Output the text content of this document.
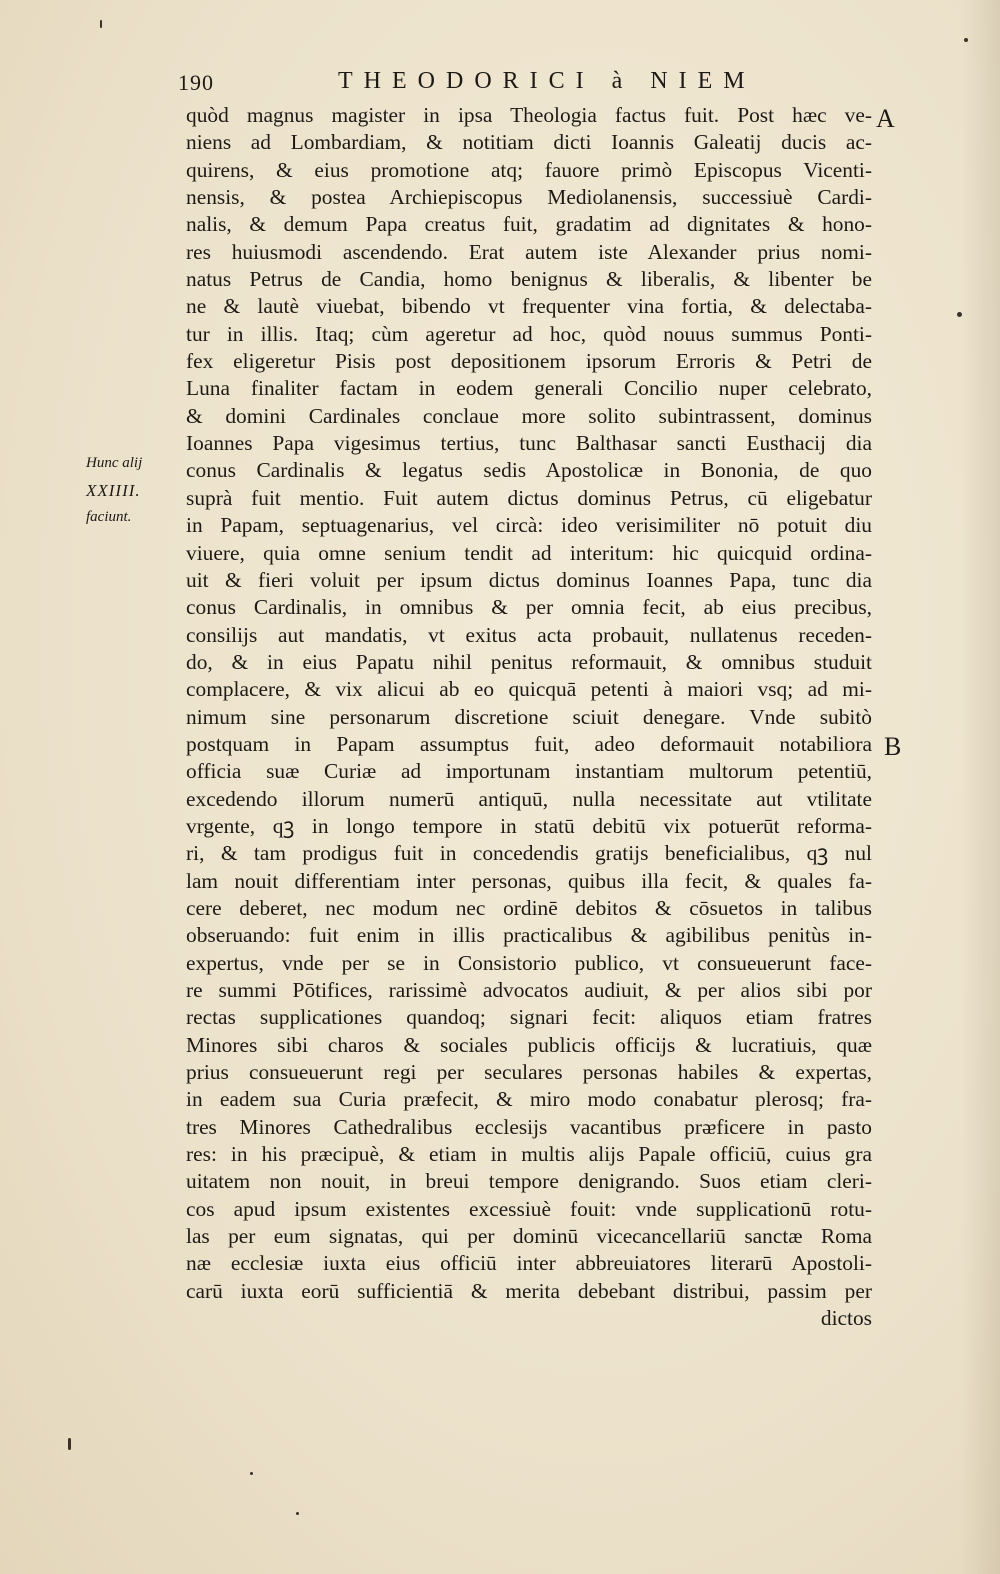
190	THEODORICI à NIEM
A
B
Hunc alij
XXIIII.
faciunt.
quòd magnus magister in ipsa Theologia factus fuit. Post hæc ve-
niens ad Lombardiam, & notitiam dicti Ioannis Galeatij ducis ac-
quirens, & eius promotione atq; fauore primò Episcopus Vicenti-
nensis, & postea Archiepiscopus Mediolanensis, successiuè Cardi-
nalis, & demum Papa creatus fuit, gradatim ad dignitates & hono-
res huiusmodi ascendendo. Erat autem iste Alexander prius nomi-
natus Petrus de Candia, homo benignus & liberalis, & libenter be
ne & lautè viuebat, bibendo vt frequenter vina fortia, & delectaba-
tur in illis. Itaq; cùm ageretur ad hoc, quòd nouus summus Ponti-
fex eligeretur Pisis post depositionem ipsorum Erroris & Petri de
Luna finaliter factam in eodem generali Concilio nuper celebrato,
& domini Cardinales conclaue more solito subintrassent, dominus
Ioannes Papa vigesimus tertius, tunc Balthasar sancti Eusthacij dia
conus Cardinalis & legatus sedis Apostolicæ in Bononia, de quo
suprà fuit mentio. Fuit autem dictus dominus Petrus, cū eligebatur
in Papam, septuagenarius, vel circà: ideo verisimiliter nō potuit diu
viuere, quia omne senium tendit ad interitum: hic quicquid ordina-
uit & fieri voluit per ipsum dictus dominus Ioannes Papa, tunc dia
conus Cardinalis, in omnibus & per omnia fecit, ab eius precibus,
consilijs aut mandatis, vt exitus acta probauit, nullatenus receden-
do, & in eius Papatu nihil penitus reformauit, & omnibus studuit
complacere, & vix alicui ab eo quicquā petenti à maiori vsq; ad mi-
nimum sine personarum discretione sciuit denegare. Vnde subitò
postquam in Papam assumptus fuit, adeo deformauit notabiliora
officia suæ Curiæ ad importunam instantiam multorum petentiū,
excedendo illorum numerū antiquū, nulla necessitate aut vtilitate
vrgente, qꝫ in longo tempore in statū debitū vix potuerūt reforma-
ri, & tam prodigus fuit in concedendis gratijs beneficialibus, qꝫ nul
lam nouit differentiam inter personas, quibus illa fecit, & quales fa-
cere deberet, nec modum nec ordinē debitos & cōsuetos in talibus
obseruando: fuit enim in illis practicalibus & agibilibus penitùs in-
expertus, vnde per se in Consistorio publico, vt consueuerunt face-
re summi Pōtifices, rarissimè advocatos audiuit, & per alios sibi por
rectas supplicationes quandoq; signari fecit: aliquos etiam fratres
Minores sibi charos & sociales publicis officijs & lucratiuis, quæ
prius consueuerunt regi per seculares personas habiles & expertas,
in eadem sua Curia præfecit, & miro modo conabatur plerosq; fra-
tres Minores Cathedralibus ecclesijs vacantibus prᴂficere in pasto
res: in his præcipuè, & etiam in multis alijs Papale officiū, cuius gra
uitatem non nouit, in breui tempore denigrando. Suos etiam cleri-
cos apud ipsum existentes excessiuè fouit: vnde supplicationū rotu-
las per eum signatas, qui per dominū vicecancellariū sanctæ Roma
næ ecclesiæ iuxta eius officiū inter abbreuiatores literarū Apostoli-
carū iuxta eorū sufficientiā & merita debebant distribui, passim per
dictos
